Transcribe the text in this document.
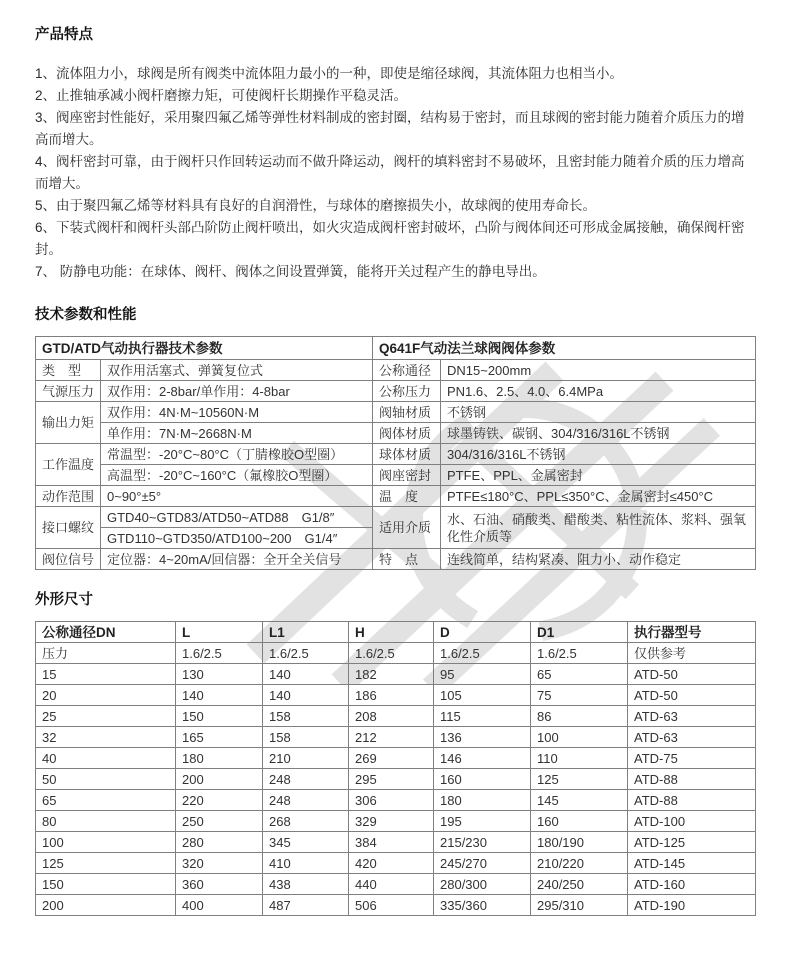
产品特点

1、流体阻力小，球阀是所有阀类中流体阻力最小的一种，即使是缩径球阀，其流体阻力也相当小。

2、止推轴承减小阀杆磨擦力矩，可使阀杆长期操作平稳灵活。

3、阀座密封性能好，采用聚四氟乙烯等弹性材料制成的密封圈，结构易于密封，而且球阀的密封能力随着介质压力的增高而增大。

4、阀杆密封可靠，由于阀杆只作回转运动而不做升降运动，阀杆的填料密封不易破坏，且密封能力随着介质的压力增高而增大。

5、由于聚四氟乙烯等材料具有良好的自润滑性，与球体的磨擦损失小，故球阀的使用寿命长。

6、下装式阀杆和阀杆头部凸阶防止阀杆喷出，如火灾造成阀杆密封破坏，凸阶与阀体间还可形成金属接触，确保阀杆密封。

7、 防静电功能：在球体、阀杆、阀体之间设置弹簧，能将开关过程产生的静电导出。

技术参数和性能
GTD/ATD气动执行器技术参数		Q641F气动法兰球阀阀体参数	
类　型	双作用活塞式、弹簧复位式	公称通径	DN15~200mm
气源压力	双作用：2-8bar/单作用：4-8bar	公称压力	PN1.6、2.5、4.0、6.4MPa
输出力矩	双作用：4N·M~10560N·M	阀轴材质	不锈钢
	单作用：7N·M~2668N·M	阀体材质	球墨铸铁、碳钢、304/316/316L不锈钢
工作温度	常温型：-20°C~80°C（丁腈橡胶O型圈）	球体材质	304/316/316L不锈钢
	高温型：-20°C~160°C（氟橡胶O型圈）	阀座密封	PTFE、PPL、金属密封
动作范围	0~90°±5°	温　度	PTFE≤180°C、PPL≤350°C、金属密封≤450°C
接口螺纹	GTD40~GTD83/ATD50~ATD88　G1/8″	适用介质	水、石油、硝酸类、醋酸类、粘性流体、浆料、强氧化性介质等
	GTD110~GTD350/ATD100~200　G1/4″		
阀位信号	定位器：4~20mA/回信器：全开全关信号	特　点	连线简单，结构紧凑、阻力小、动作稳定
外形尺寸
公称通径DN	L	L1	H	D	D1	执行器型号
压力	1.6/2.5	1.6/2.5	1.6/2.5	1.6/2.5	1.6/2.5	仅供参考
15	130	140	182	95	65	ATD-50
20	140	140	186	105	75	ATD-50
25	150	158	208	115	86	ATD-63
32	165	158	212	136	100	ATD-63
40	180	210	269	146	110	ATD-75
50	200	248	295	160	125	ATD-88
65	220	248	306	180	145	ATD-88
80	250	268	329	195	160	ATD-100
100	280	345	384	215/230	180/190	ATD-125
125	320	410	420	245/270	210/220	ATD-145
150	360	438	440	280/300	240/250	ATD-160
200	400	487	506	335/360	295/310	ATD-190
